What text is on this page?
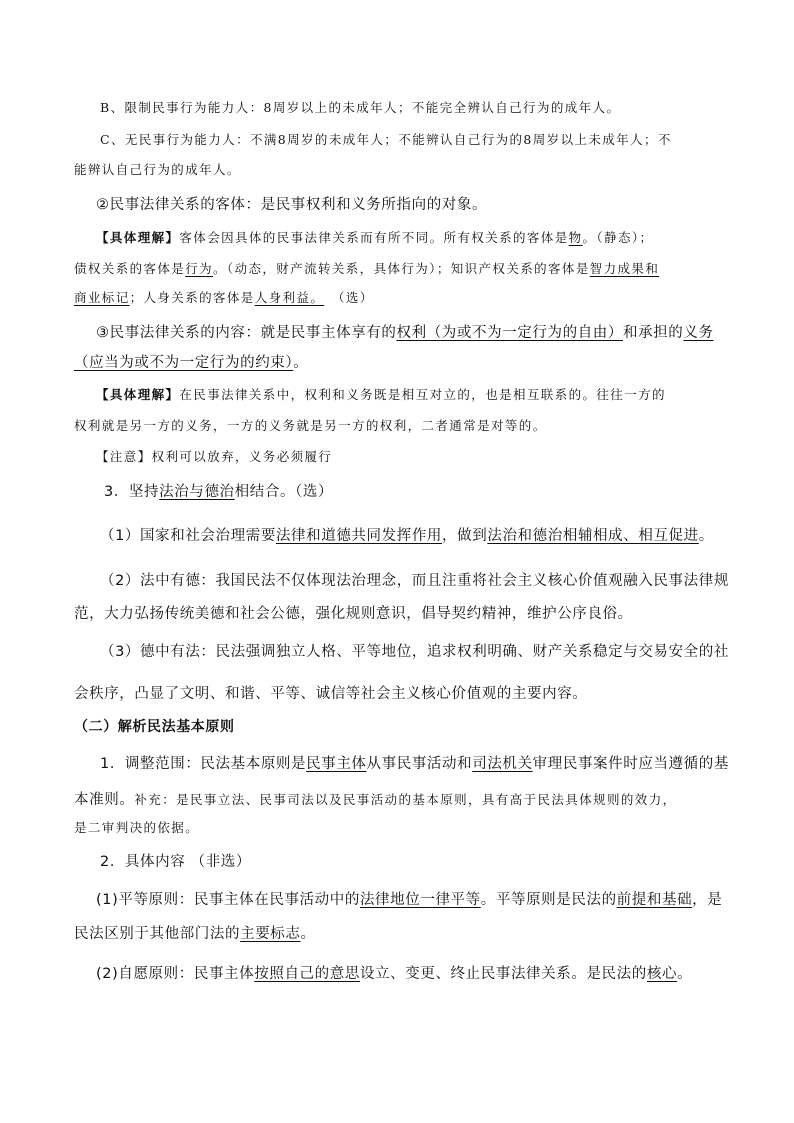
B、限制民事行为能力人：8周岁以上的未成年人；不能完全辨认自己行为的成年人。
C、无民事行为能力人：不满8周岁的未成年人；不能辨认自己行为的8周岁以上未成年人；不
能辨认自己行为的成年人。
②民事法律关系的客体：是民事权利和义务所指向的对象。
【具体理解】客体会因具体的民事法律关系而有所不同。所有权关系的客体是物。（静态）；
债权关系的客体是行为。（动态，财产流转关系，具体行为）；知识产权关系的客体是智力成果和
商业标记；人身关系的客体是人身利益。 （选）
③民事法律关系的内容：就是民事主体享有的权利（为或不为一定行为的自由）和承担的义务
（应当为或不为一定行为的约束）。
【具体理解】在民事法律关系中，权利和义务既是相互对立的，也是相互联系的。往往一方的
权利就是另一方的义务，一方的义务就是另一方的权利，二者通常是对等的。
【注意】权利可以放弃，义务必须履行
3．坚持法治与德治相结合。（选）
（1）国家和社会治理需要法律和道德共同发挥作用，做到法治和德治相辅相成、相互促进。
（2）法中有德：我国民法不仅体现法治理念，而且注重将社会主义核心价值观融入民事法律规
范，大力弘扬传统美德和社会公德，强化规则意识，倡导契约精神，维护公序良俗。
（3）德中有法：民法强调独立人格、平等地位，追求权利明确、财产关系稳定与交易安全的社
会秩序，凸显了文明、和谐、平等、诚信等社会主义核心价值观的主要内容。
（二）解析民法基本原则
1．调整范围：民法基本原则是民事主体从事民事活动和司法机关审理民事案件时应当遵循的基
本准则。补充：是民事立法、民事司法以及民事活动的基本原则，具有高于民法具体规则的效力，
是二审判决的依据。
2．具体内容 （非选）
(1)平等原则：民事主体在民事活动中的法律地位一律平等。平等原则是民法的前提和基础，是
民法区别于其他部门法的主要标志。
(2)自愿原则：民事主体按照自己的意思设立、变更、终止民事法律关系。是民法的核心。
